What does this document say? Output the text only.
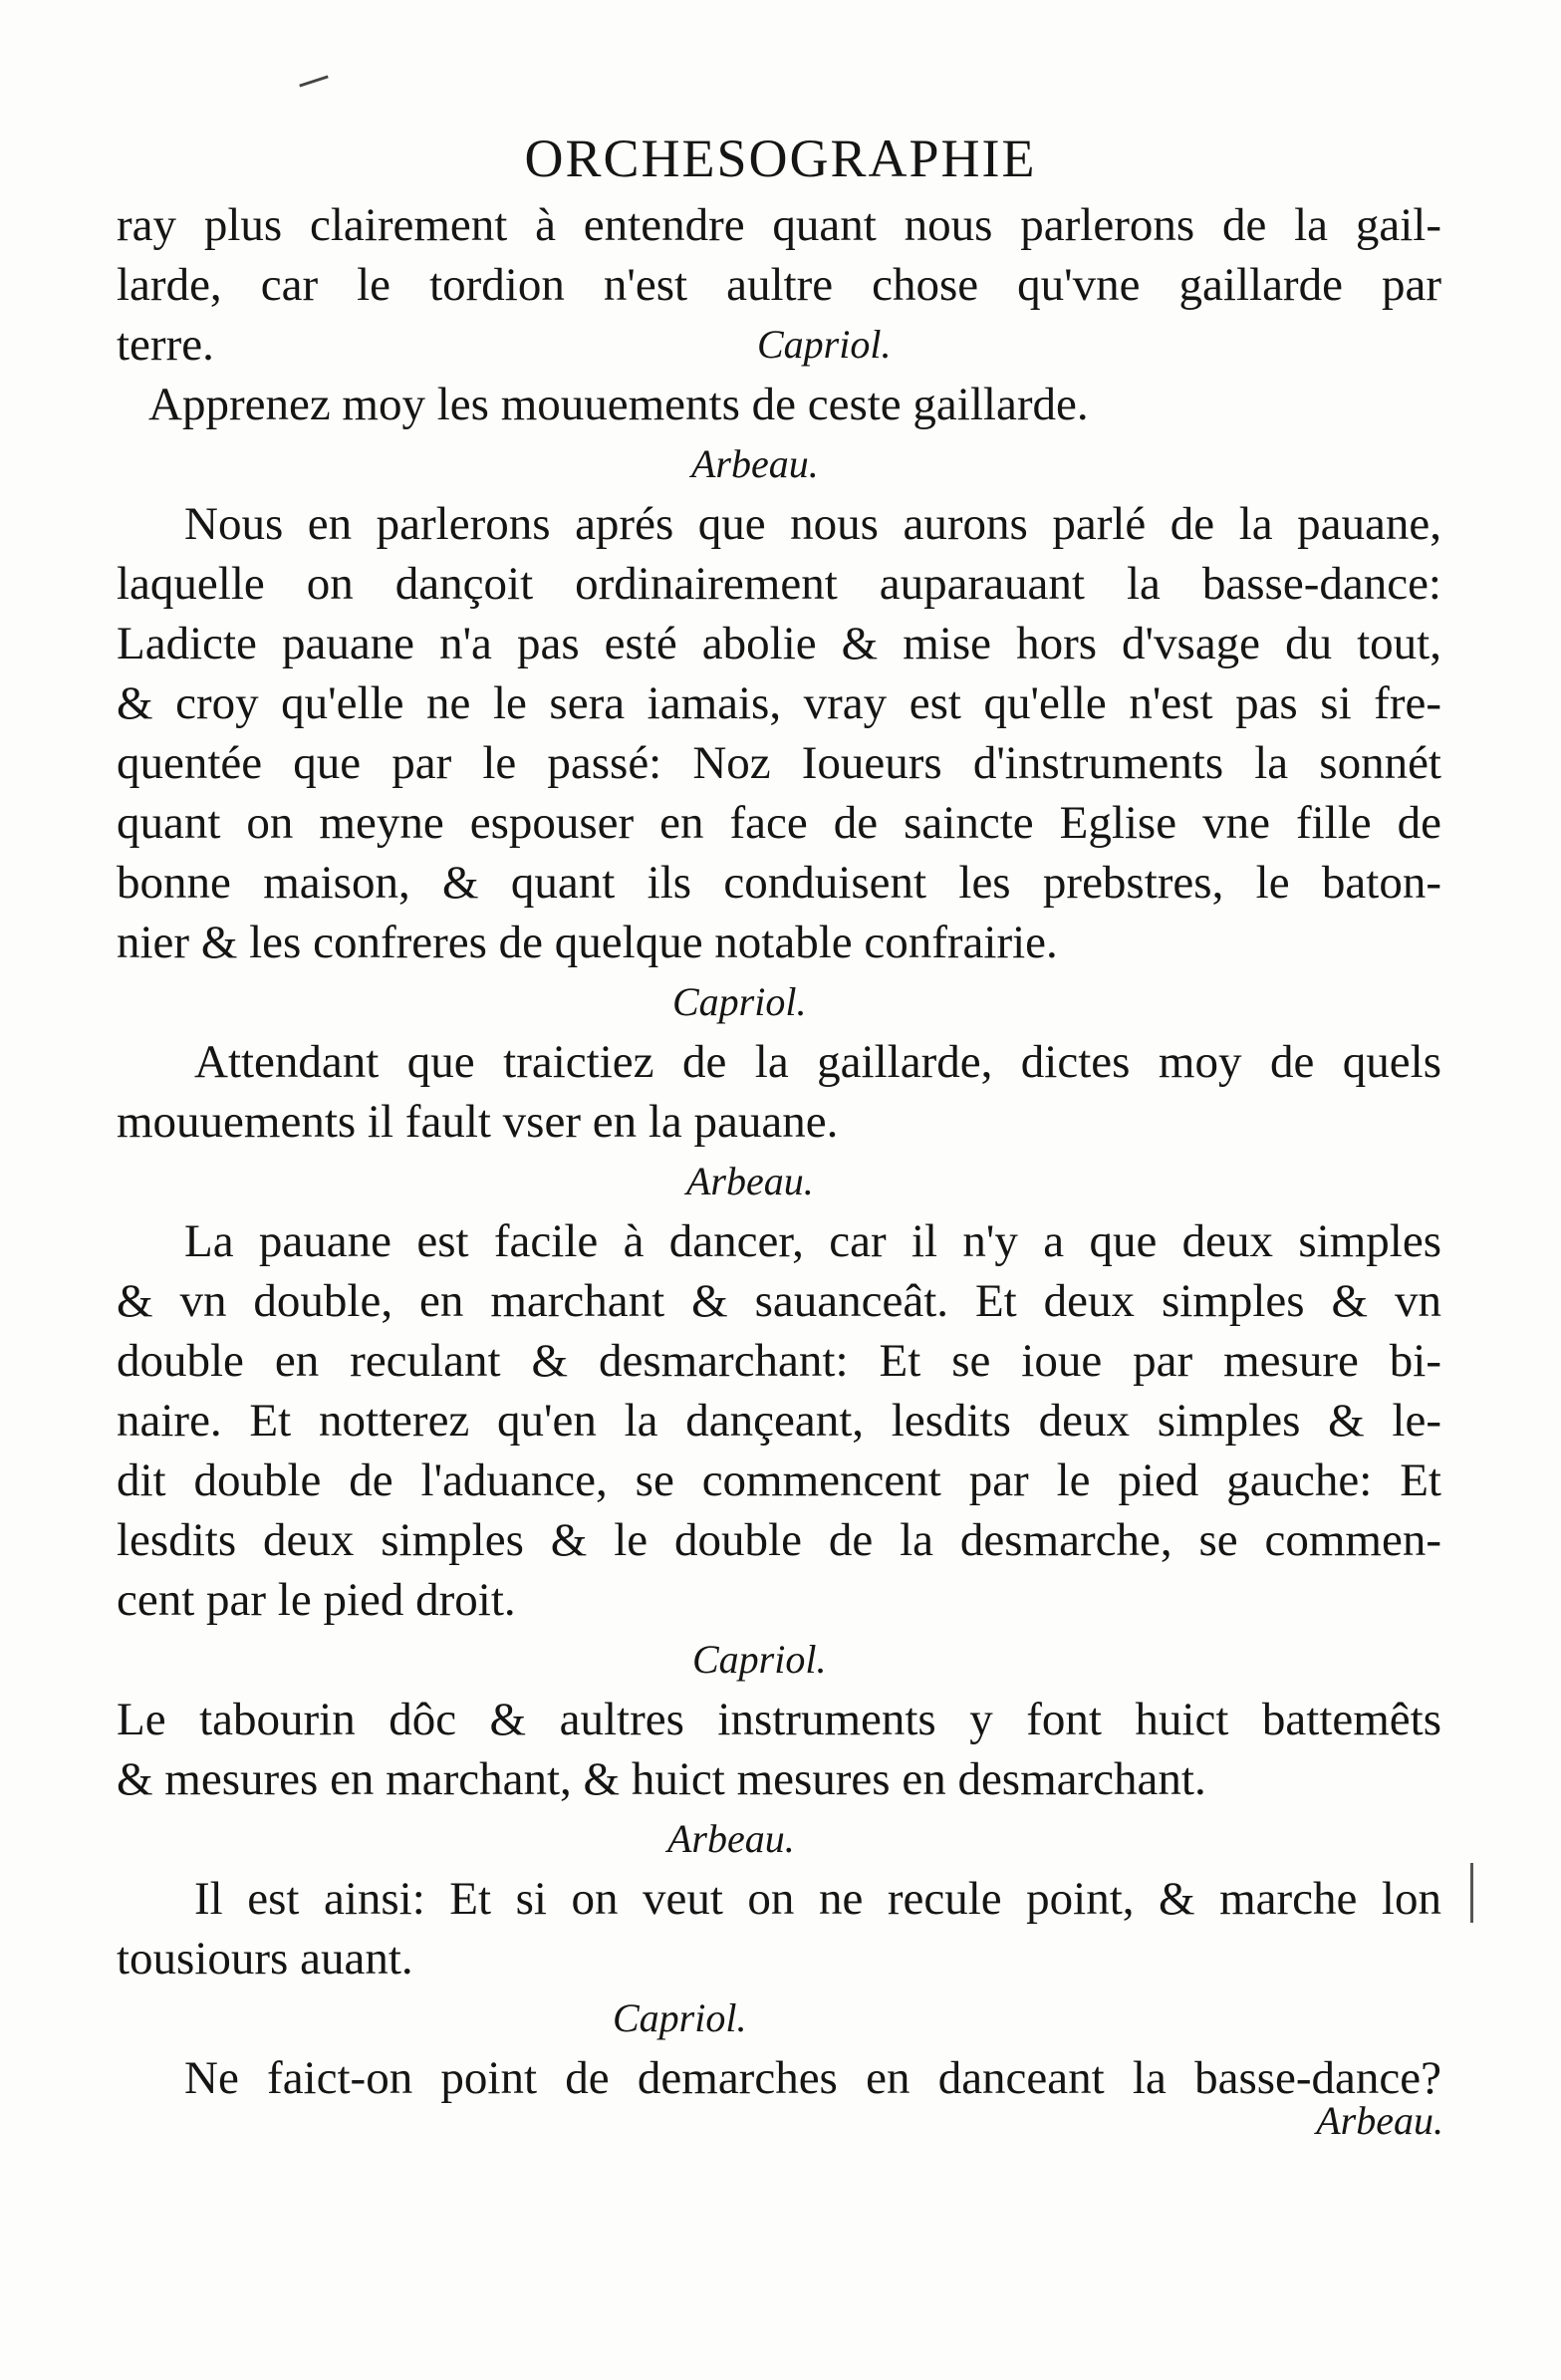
ORCHESOGRAPHIE
ray plus clairement à entendre quant nous parlerons de la gail-
larde, car le tordion n'est aultre chose qu'vne gaillarde par
terre.	Capriol.
Apprenez moy les mouuements de ceste gaillarde.
Arbeau.
Nous en parlerons aprés que nous aurons parlé de la pauane,
laquelle on dançoit ordinairement auparauant la basse-dance:
Ladicte pauane n'a pas esté abolie & mise hors d'vsage du tout,
& croy qu'elle ne le sera iamais, vray est qu'elle n'est pas si fre-
quentée que par le passé: Noz Ioueurs d'instruments la sonnét
quant on meyne espouser en face de saincte Eglise vne fille de
bonne maison, & quant ils conduisent les prebstres, le baton-
nier & les confreres de quelque notable confrairie.
Capriol.
Attendant que traictiez de la gaillarde, dictes moy de quels
mouuements il fault vser en la pauane.
Arbeau.
La pauane est facile à dancer, car il n'y a que deux simples
& vn double, en marchant & sauanceât. Et deux simples & vn
double en reculant & desmarchant: Et se ioue par mesure bi-
naire. Et notterez qu'en la dançeant, lesdits deux simples & le-
dit double de l'aduance, se commencent par le pied gauche: Et
lesdits deux simples & le double de la desmarche, se commen-
cent par le pied droit.
Capriol.
Le tabourin dôc & aultres instruments y font huict battemêts
& mesures en marchant, & huict mesures en desmarchant.
Arbeau.
Il est ainsi: Et si on veut on ne recule point, & marche lon
tousiours auant.
Capriol.
Ne faict-on point de demarches en danceant la basse-dance?
Arbeau.
